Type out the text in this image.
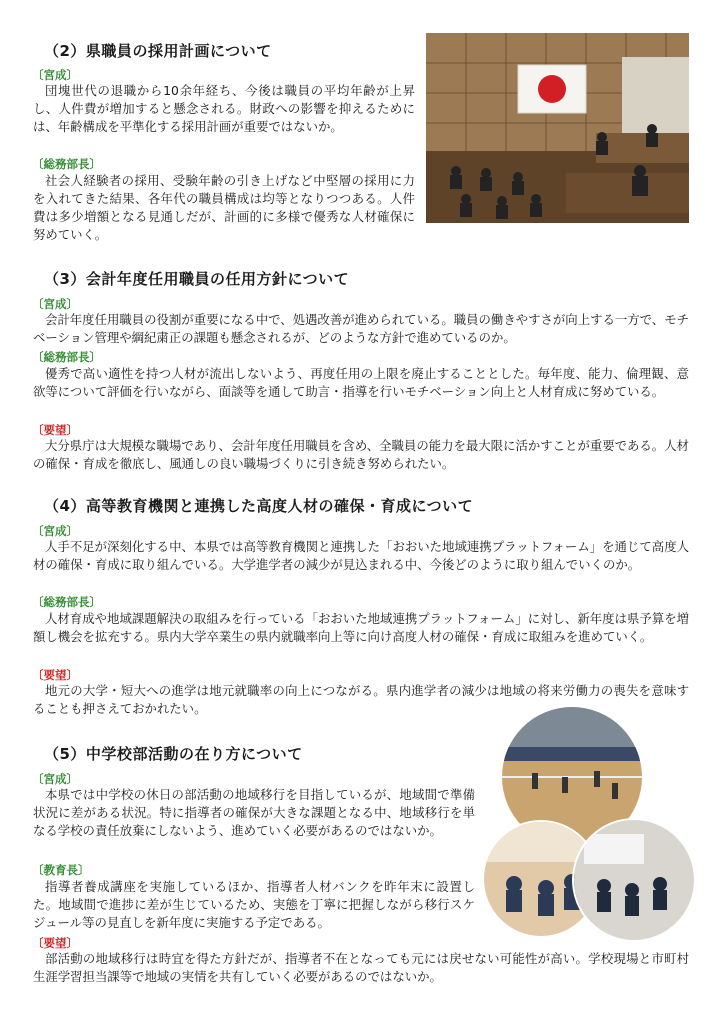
（2）県職員の採用計画について
〔宮成〕

団塊世代の退職から10余年経ち、今後は職員の平均年齢が上昇し、人件費が増加すると懸念される。財政への影響を抑えるためには、年齢構成を平準化する採用計画が重要ではないか。

〔総務部長〕

社会人経験者の採用、受験年齢の引き上げなど中堅層の採用に力を入れてきた結果、各年代の職員構成は均等となりつつある。人件費は多少増額となる見通しだが、計画的に多様で優秀な人材確保に努めていく。

（3）会計年度任用職員の任用方針について
〔宮成〕

会計年度任用職員の役割が重要になる中で、処遇改善が進められている。職員の働きやすさが向上する一方で、モチベーション管理や綱紀粛正の課題も懸念されるが、どのような方針で進めているのか。

〔総務部長〕

優秀で高い適性を持つ人材が流出しないよう、再度任用の上限を廃止することとした。毎年度、能力、倫理観、意欲等について評価を行いながら、面談等を通して助言・指導を行いモチベーション向上と人材育成に努めている。

〔要望〕

大分県庁は大規模な職場であり、会計年度任用職員を含め、全職員の能力を最大限に活かすことが重要である。人材の確保・育成を徹底し、風通しの良い職場づくりに引き続き努められたい。

（4）高等教育機関と連携した高度人材の確保・育成について
〔宮成〕

人手不足が深刻化する中、本県では高等教育機関と連携した「おおいた地域連携プラットフォーム」を通じて高度人材の確保・育成に取り組んでいる。大学進学者の減少が見込まれる中、今後どのように取り組んでいくのか。

〔総務部長〕

人材育成や地域課題解決の取組みを行っている「おおいた地域連携プラットフォーム」に対し、新年度は県予算を増額し機会を拡充する。県内大学卒業生の県内就職率向上等に向け高度人材の確保・育成に取組みを進めていく。

〔要望〕

地元の大学・短大への進学は地元就職率の向上につながる。県内進学者の減少は地域の将来労働力の喪失を意味することも押さえておかれたい。

（5）中学校部活動の在り方について
〔宮成〕

本県では中学校の休日の部活動の地域移行を目指しているが、地域間で準備状況に差がある状況。特に指導者の確保が大きな課題となる中、地域移行を単なる学校の責任放棄にしないよう、進めていく必要があるのではないか。

〔教育長〕

指導者養成講座を実施しているほか、指導者人材バンクを昨年末に設置した。地域間で進捗に差が生じているため、実態を丁寧に把握しながら移行スケジュール等の見直しを新年度に実施する予定である。

〔要望〕

部活動の地域移行は時宜を得た方針だが、指導者不在となっても元には戻せない可能性が高い。学校現場と市町村生涯学習担当課等で地域の実情を共有していく必要があるのではないか。
